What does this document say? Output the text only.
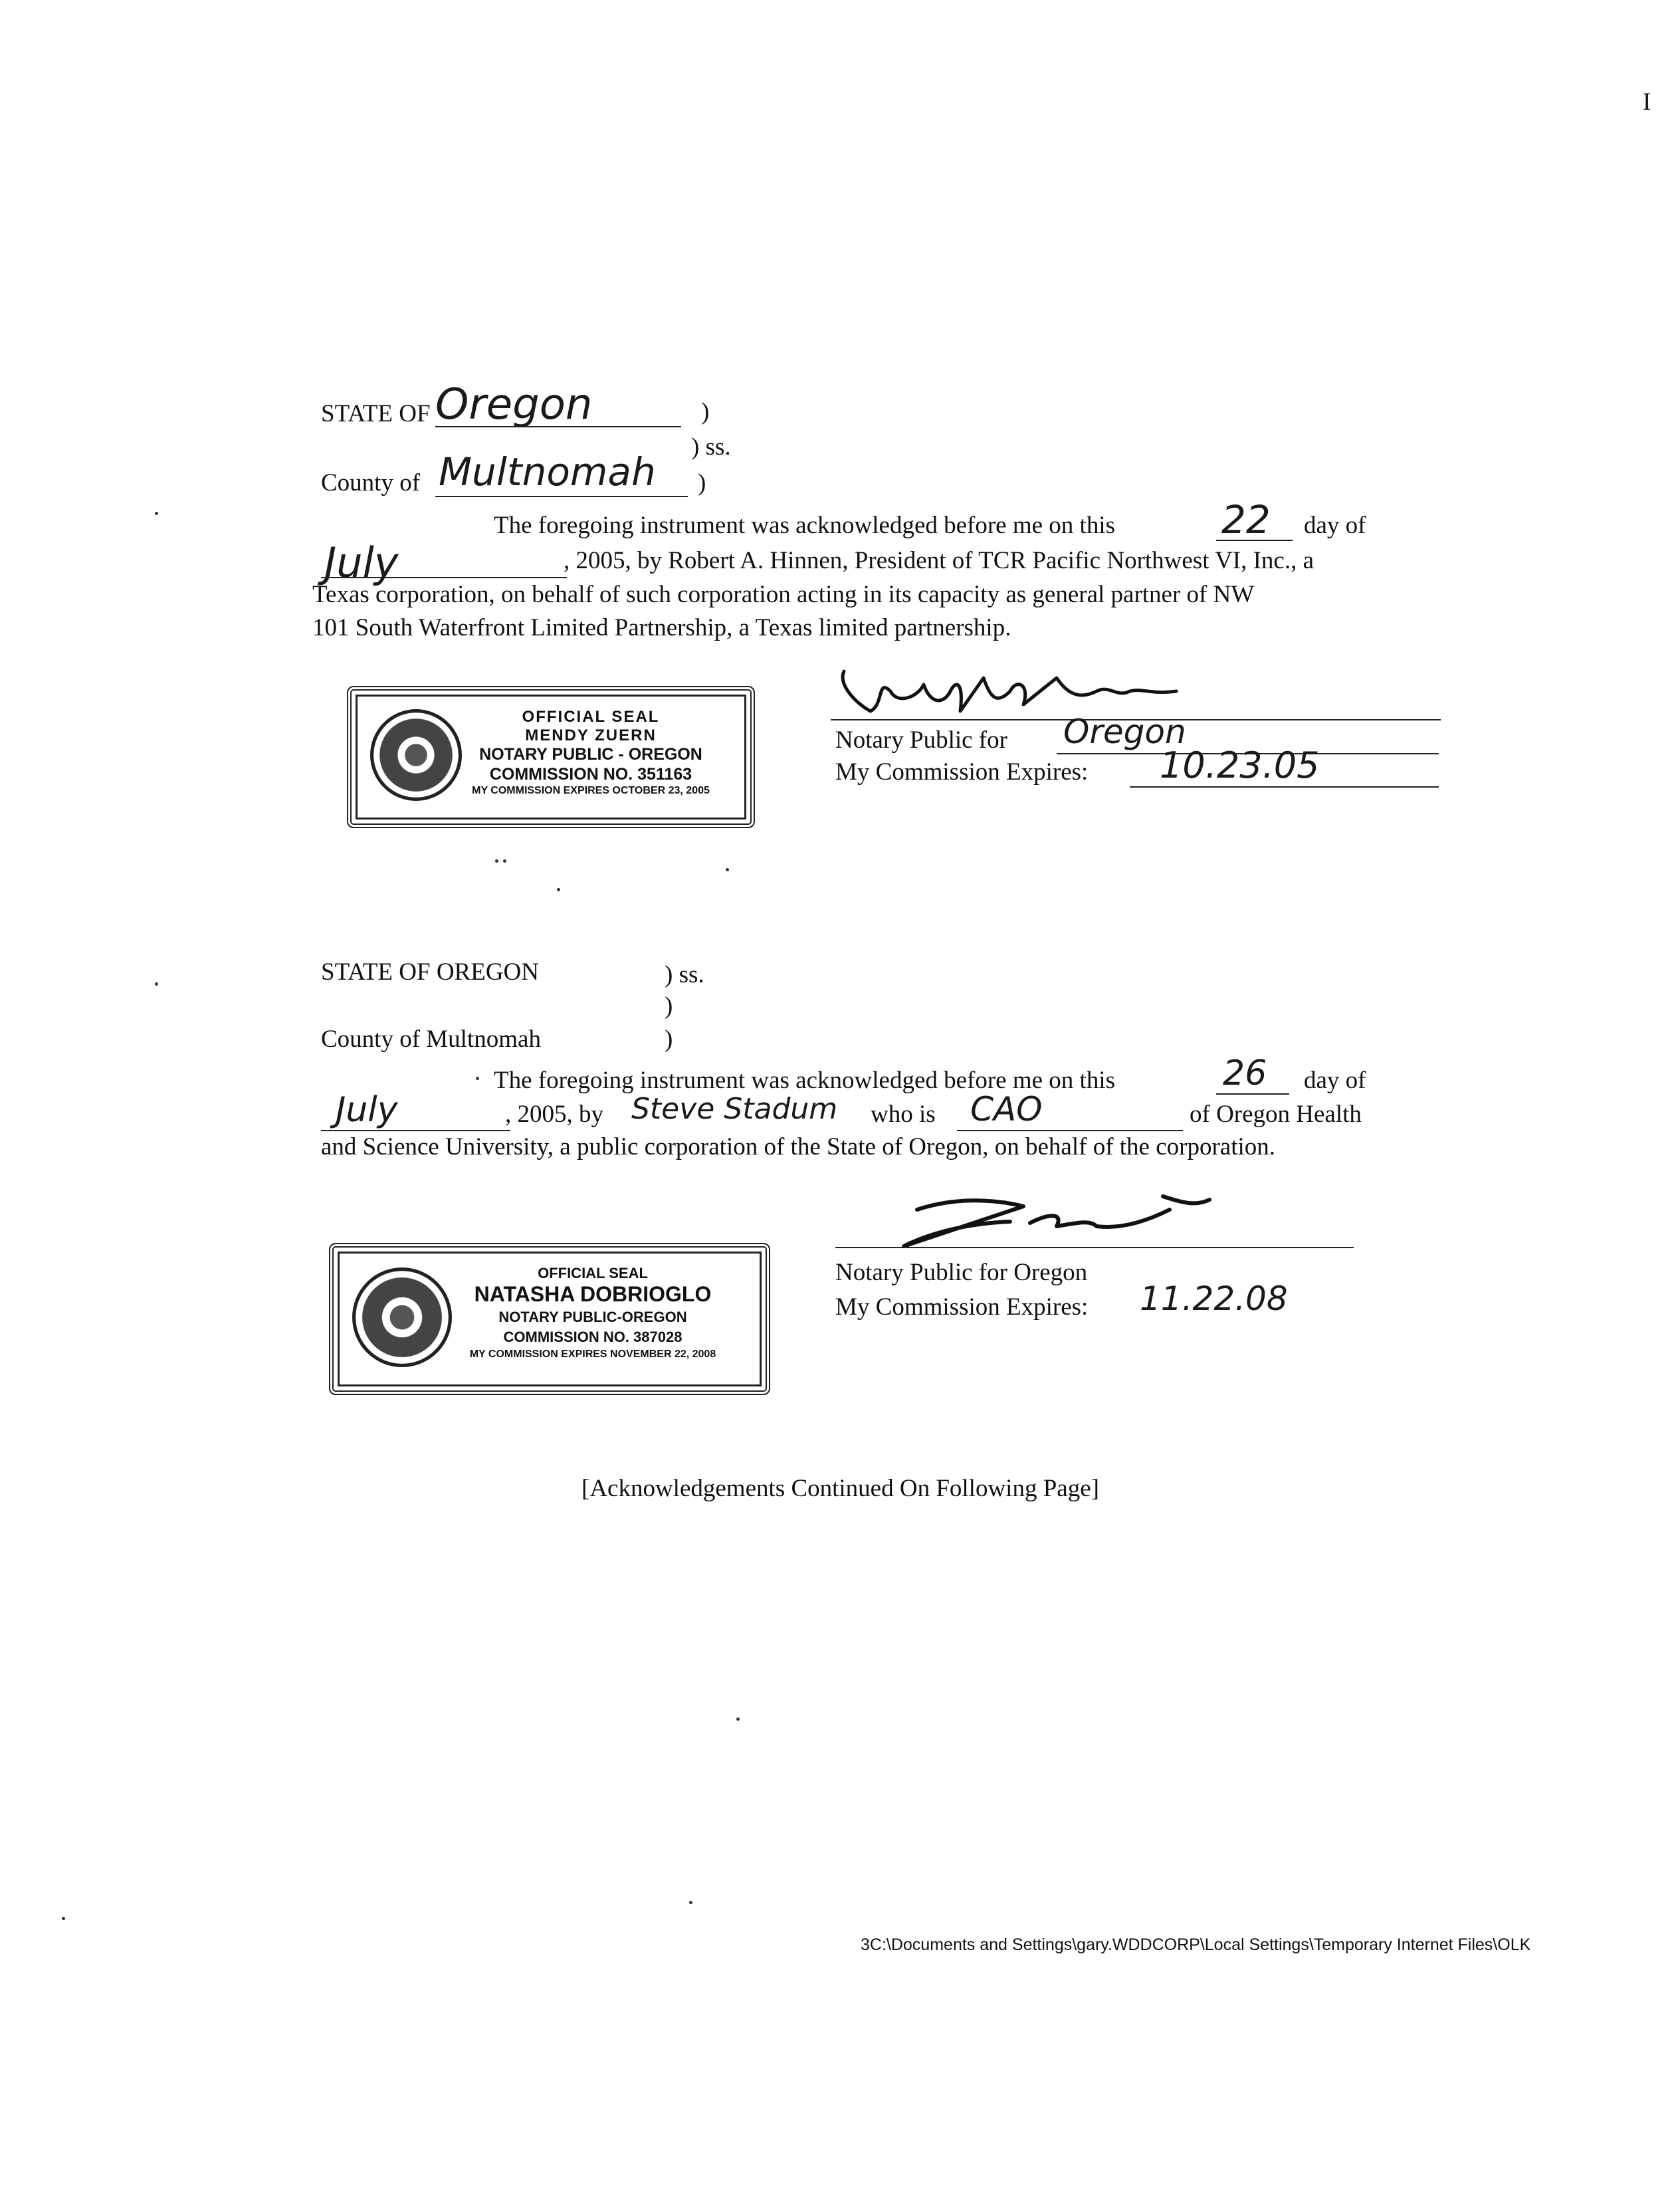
I
STATE OF Oregon	)
) ss.
County of Multnomah )
The foregoing instrument was acknowledged before me on this	22 day of
July	, 2005, by Robert A. Hinnen, President of TCR Pacific Northwest VI, Inc., a
Texas corporation, on behalf of such corporation acting in its capacity as general partner of NW
101 South Waterfront Limited Partnership, a Texas limited partnership.
OFFICIAL SEAL
MENDY ZUERN
NOTARY PUBLIC - OREGON
COMMISSION NO. 351163
MY COMMISSION EXPIRES OCTOBER 23, 2005
Notary Public for Oregon
My Commission Expires: 10.23.05
STATE OF OREGON	) ss.
)
County of Multnomah	)
The foregoing instrument was acknowledged before me on this	26 day of
July	, 2005, by Steve Stadum who is CAO	of Oregon Health
and Science University, a public corporation of the State of Oregon, on behalf of the corporation.
OFFICIAL SEAL
NATASHA DOBRIOGLO
NOTARY PUBLIC-OREGON
COMMISSION NO. 387028
MY COMMISSION EXPIRES NOVEMBER 22, 2008
Notary Public for Oregon
My Commission Expires: 11.22.08
[Acknowledgements Continued On Following Page]
3C:\Documents and Settings\gary.WDDCORP\Local Settings\Temporary Internet Files\OLK
